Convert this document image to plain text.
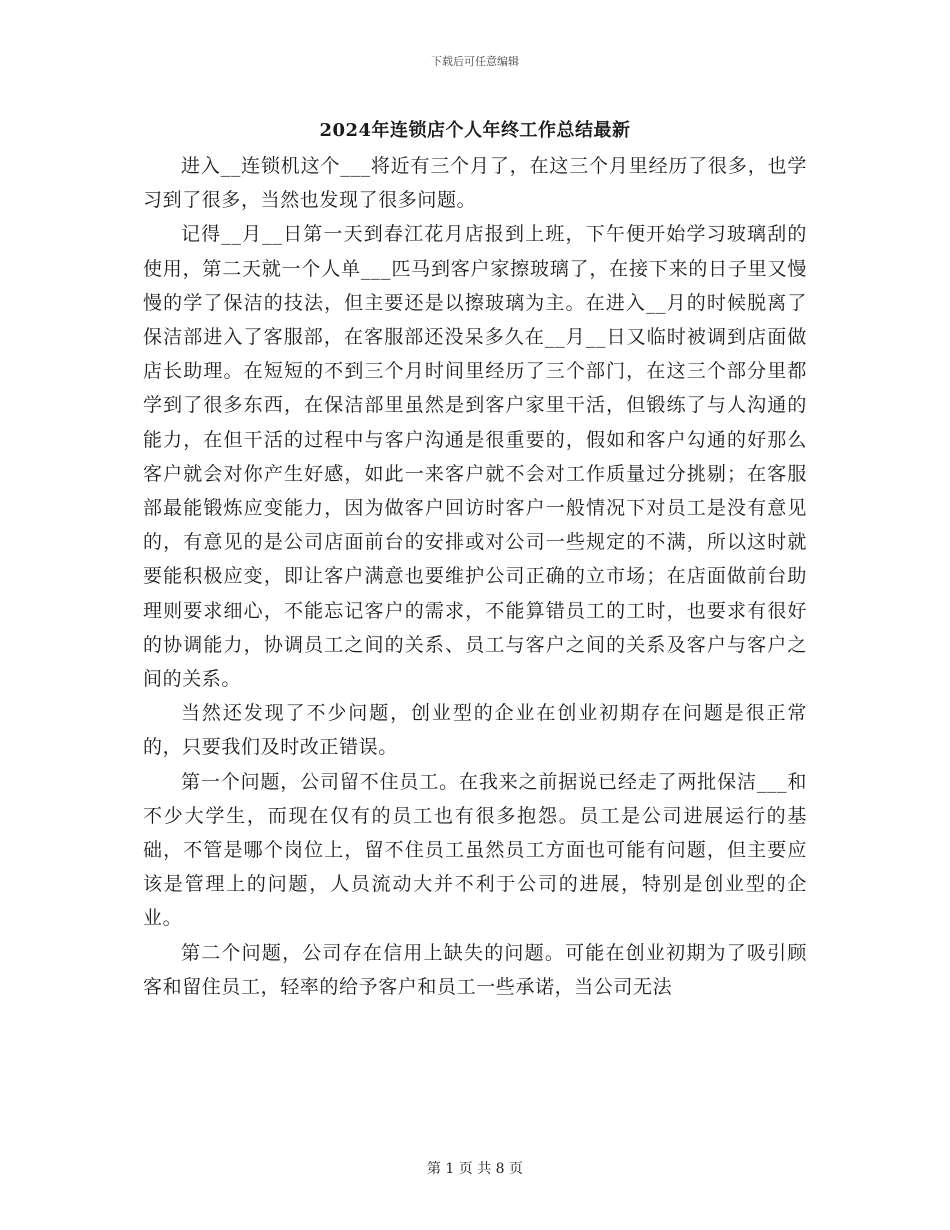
下载后可任意编辑
2024年连锁店个人年终工作总结最新

进入__连锁机这个___将近有三个月了，在这三个月里经历了很多，也学习到了很多，当然也发现了很多问题。

记得__月__日第一天到春江花月店报到上班，下午便开始学习玻璃刮的使用，第二天就一个人单___匹马到客户家擦玻璃了，在接下来的日子里又慢慢的学了保洁的技法，但主要还是以擦玻璃为主。在进入__月的时候脱离了保洁部进入了客服部，在客服部还没呆多久在__月__日又临时被调到店面做店长助理。在短短的不到三个月时间里经历了三个部门，在这三个部分里都学到了很多东西，在保洁部里虽然是到客户家里干活，但锻练了与人沟通的能力，在但干活的过程中与客户沟通是很重要的，假如和客户勾通的好那么客户就会对你产生好感，如此一来客户就不会对工作质量过分挑剔；在客服部最能锻炼应变能力，因为做客户回访时客户一般情况下对员工是没有意见的，有意见的是公司店面前台的安排或对公司一些规定的不满，所以这时就要能积极应变，即让客户满意也要维护公司正确的立市场；在店面做前台助理则要求细心，不能忘记客户的需求，不能算错员工的工时，也要求有很好的协调能力，协调员工之间的关系、员工与客户之间的关系及客户与客户之间的关系。

当然还发现了不少问题，创业型的企业在创业初期存在问题是很正常的，只要我们及时改正错误。

第一个问题，公司留不住员工。在我来之前据说已经走了两批保洁___和不少大学生，而现在仅有的员工也有很多抱怨。员工是公司进展运行的基础，不管是哪个岗位上，留不住员工虽然员工方面也可能有问题，但主要应该是管理上的问题，人员流动大并不利于公司的进展，特别是创业型的企业。

第二个问题，公司存在信用上缺失的问题。可能在创业初期为了吸引顾客和留住员工，轻率的给予客户和员工一些承诺，当公司无法

第 1 页 共 8 页
